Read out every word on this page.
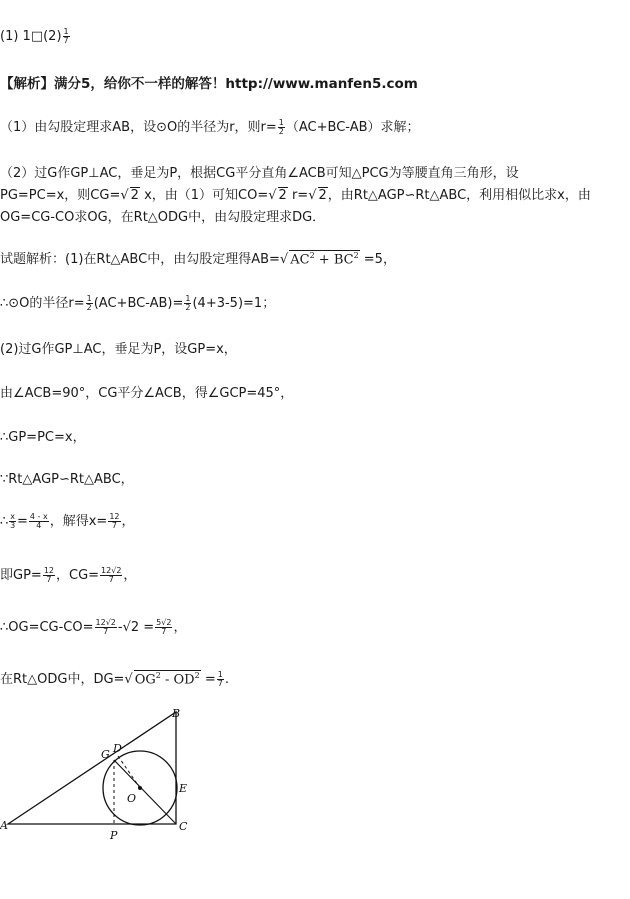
(1) 1□(2) $\frac{1}{7}$
【解析】满分5，给你不一样的解答！http://www.manfen5.com
（1）由勾股定理求AB，设⊙O的半径为r，则$r= \frac{1}{2} (AC+BC-AB)$求解；
（2）过G作GP⊥AC，垂足为P，根据CG平分直角∠ACB可知△PCG为等腰直角三角形，设
PG=PC=x，则CG=√ 2 x，由（1）可知CO=√ 2 r=√ 2，由Rt△AGP∽Rt△ABC，利用相似比求x，由
OG=CG-CO求OG，在Rt△ODG中，由勾股定理求DG．
试题解析：(1)在Rt△ABC中，由勾股定理得AB=√ $AC^2 + BC^2 =5$，
∴⊙O的半径$r= \frac{1}{2} (AC+BC-AB)= \frac{1}{2} (4+3-5)=1$；
(2)过G作GP⊥AC，垂足为P，设GP=x，
由∠ACB=90°，CG平分∠ACB，得∠GCP=45°，
∴GP=PC=x，
∵Rt△AGP∽Rt△ABC，
∴ $\frac{x}{3} = \frac{4 - x}{4}$ ，解得$x= \frac{12}{7}$ ，
即$GP= \frac{12}{7}$ ，$CG= \frac{12√2}{7}$ ，
∴OG=CG-CO= $\frac{12√2}{7} -√2 = \frac{5√2}{7}$ ，
在Rt△ODG中，DG=√ $OG^2 - OD^2 = \frac{1}{7}$ .
A
B
C
D
E
G
O
P
